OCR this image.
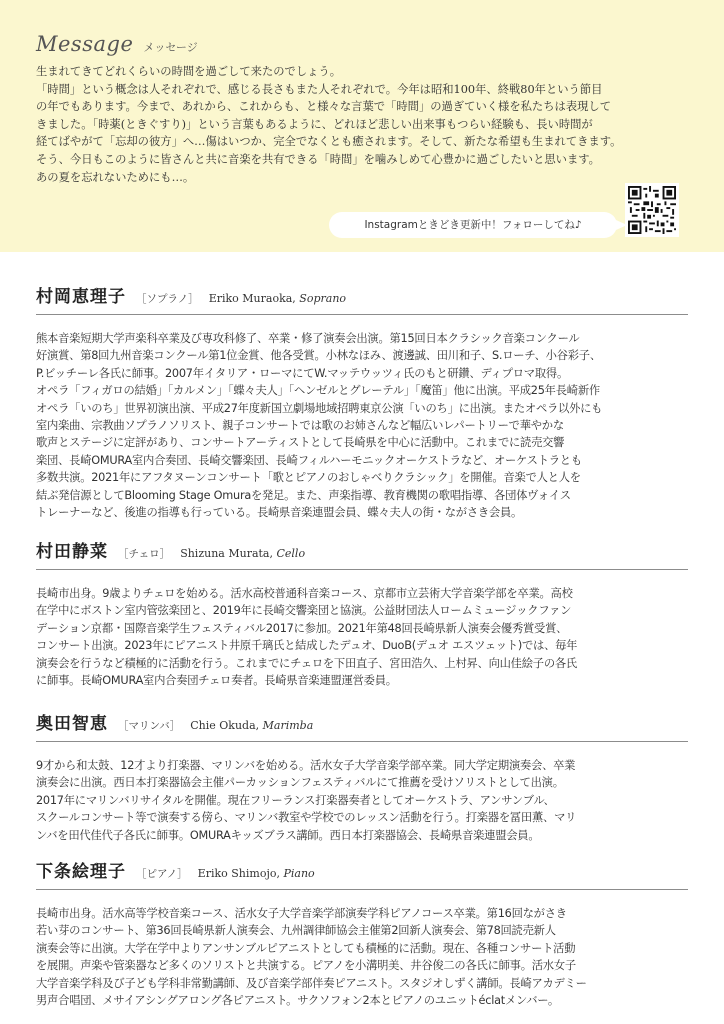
Message メッセージ

生まれてきてどれくらいの時間を過ごして来たのでしょう。

「時間」という概念は人それぞれで、感じる長さもまた人それぞれで。今年は昭和100年、終戦80年という節目

の年でもあります。今まで、あれから、これからも、と様々な言葉で「時間」の過ぎていく様を私たちは表現して

きました。「時薬(ときぐすり)」という言葉もあるように、どれほど悲しい出来事もつらい経験も、長い時間が

経てばやがて「忘却の彼方」へ…傷はいつか、完全でなくとも癒されます。そして、新たな希望も生まれてきます。

そう、今日もこのように皆さんと共に音楽を共有できる「時間」を噛みしめて心豊かに過ごしたいと思います。

あの夏を忘れないためにも…。

Instagramときどき更新中！フォローしてね♪
村岡恵理子 ［ソプラノ］ Eriko Muraoka, Soprano

熊本音楽短期大学声楽科卒業及び専攻科修了、卒業・修了演奏会出演。第15回日本クラシック音楽コンクール

好演賞、第8回九州音楽コンクール第1位金賞、他各受賞。小林なほみ、渡邊誠、田川和子、S.ローチ、小谷彩子、

P.ビッチーレ各氏に師事。2007年イタリア・ローマにてW.マッテウッツィ氏のもと研鑽、ディプロマ取得。

オペラ「フィガロの結婚」「カルメン」「蝶々夫人」「ヘンゼルとグレーテル」「魔笛」他に出演。平成25年長崎新作

オペラ「いのち」世界初演出演、平成27年度新国立劇場地域招聘東京公演「いのち」に出演。またオペラ以外にも

室内楽曲、宗教曲ソプラノソリスト、親子コンサートでは歌のお姉さんなど幅広いレパートリーで華やかな

歌声とステージに定評があり、コンサートアーティストとして長崎県を中心に活動中。これまでに読売交響

楽団、長崎OMURA室内合奏団、長崎交響楽団、長崎フィルハーモニックオーケストラなど、オーケストラとも

多数共演。2021年にアフタヌーンコンサート「歌とピアノのおしゃべりクラシック」を開催。音楽で人と人を

結ぶ発信源としてBlooming Stage Omuraを発足。また、声楽指導、教育機関の歌唱指導、各団体ヴォイス

トレーナーなど、後進の指導も行っている。長崎県音楽連盟会員、蝶々夫人の街・ながさき会員。

村田静菜 ［チェロ］ Shizuna Murata, Cello

長崎市出身。9歳よりチェロを始める。活水高校普通科音楽コース、京都市立芸術大学音楽学部を卒業。高校

在学中にボストン室内管弦楽団と、2019年に長崎交響楽団と協演。公益財団法人ロームミュージックファン

デーション京都・国際音楽学生フェスティバル2017に参加。2021年第48回長崎県新人演奏会優秀賞受賞、

コンサート出演。2023年にピアニスト井原千璃氏と結成したデュオ、DuoB(デュオ エスツェット)では、毎年

演奏会を行うなど積極的に活動を行う。これまでにチェロを下田直子、宮田浩久、上村昇、向山佳絵子の各氏

に師事。長崎OMURA室内合奏団チェロ奏者。長崎県音楽連盟運営委員。

奥田智恵 ［マリンバ］ Chie Okuda, Marimba

9才から和太鼓、12才より打楽器、マリンバを始める。活水女子大学音楽学部卒業。同大学定期演奏会、卒業

演奏会に出演。西日本打楽器協会主催パーカッションフェスティバルにて推薦を受けソリストとして出演。

2017年にマリンバリサイタルを開催。現在フリーランス打楽器奏者としてオーケストラ、アンサンブル、

スクールコンサート等で演奏する傍ら、マリンバ教室や学校でのレッスン活動を行う。打楽器を冨田薫、マリ

ンバを田代佳代子各氏に師事。OMURAキッズブラス講師。西日本打楽器協会、長崎県音楽連盟会員。

下条絵理子 ［ピアノ］ Eriko Shimojo, Piano

長崎市出身。活水高等学校音楽コース、活水女子大学音楽学部演奏学科ピアノコース卒業。第16回ながさき

若い芽のコンサート、第36回長崎県新人演奏会、九州調律師協会主催第2回新人演奏会、第78回読売新人

演奏会等に出演。大学在学中よりアンサンブルピアニストとしても積極的に活動。現在、各種コンサート活動

を展開。声楽や管楽器など多くのソリストと共演する。ピアノを小溝明美、井谷俊二の各氏に師事。活水女子

大学音楽学科及び子ども学科非常勤講師、及び音楽学部伴奏ピアニスト。スタジオしずく講師。長崎アカデミー

男声合唱団、メサイアシングアロング各ピアニスト。サクソフォン2本とピアノのユニットéclatメンバー。
